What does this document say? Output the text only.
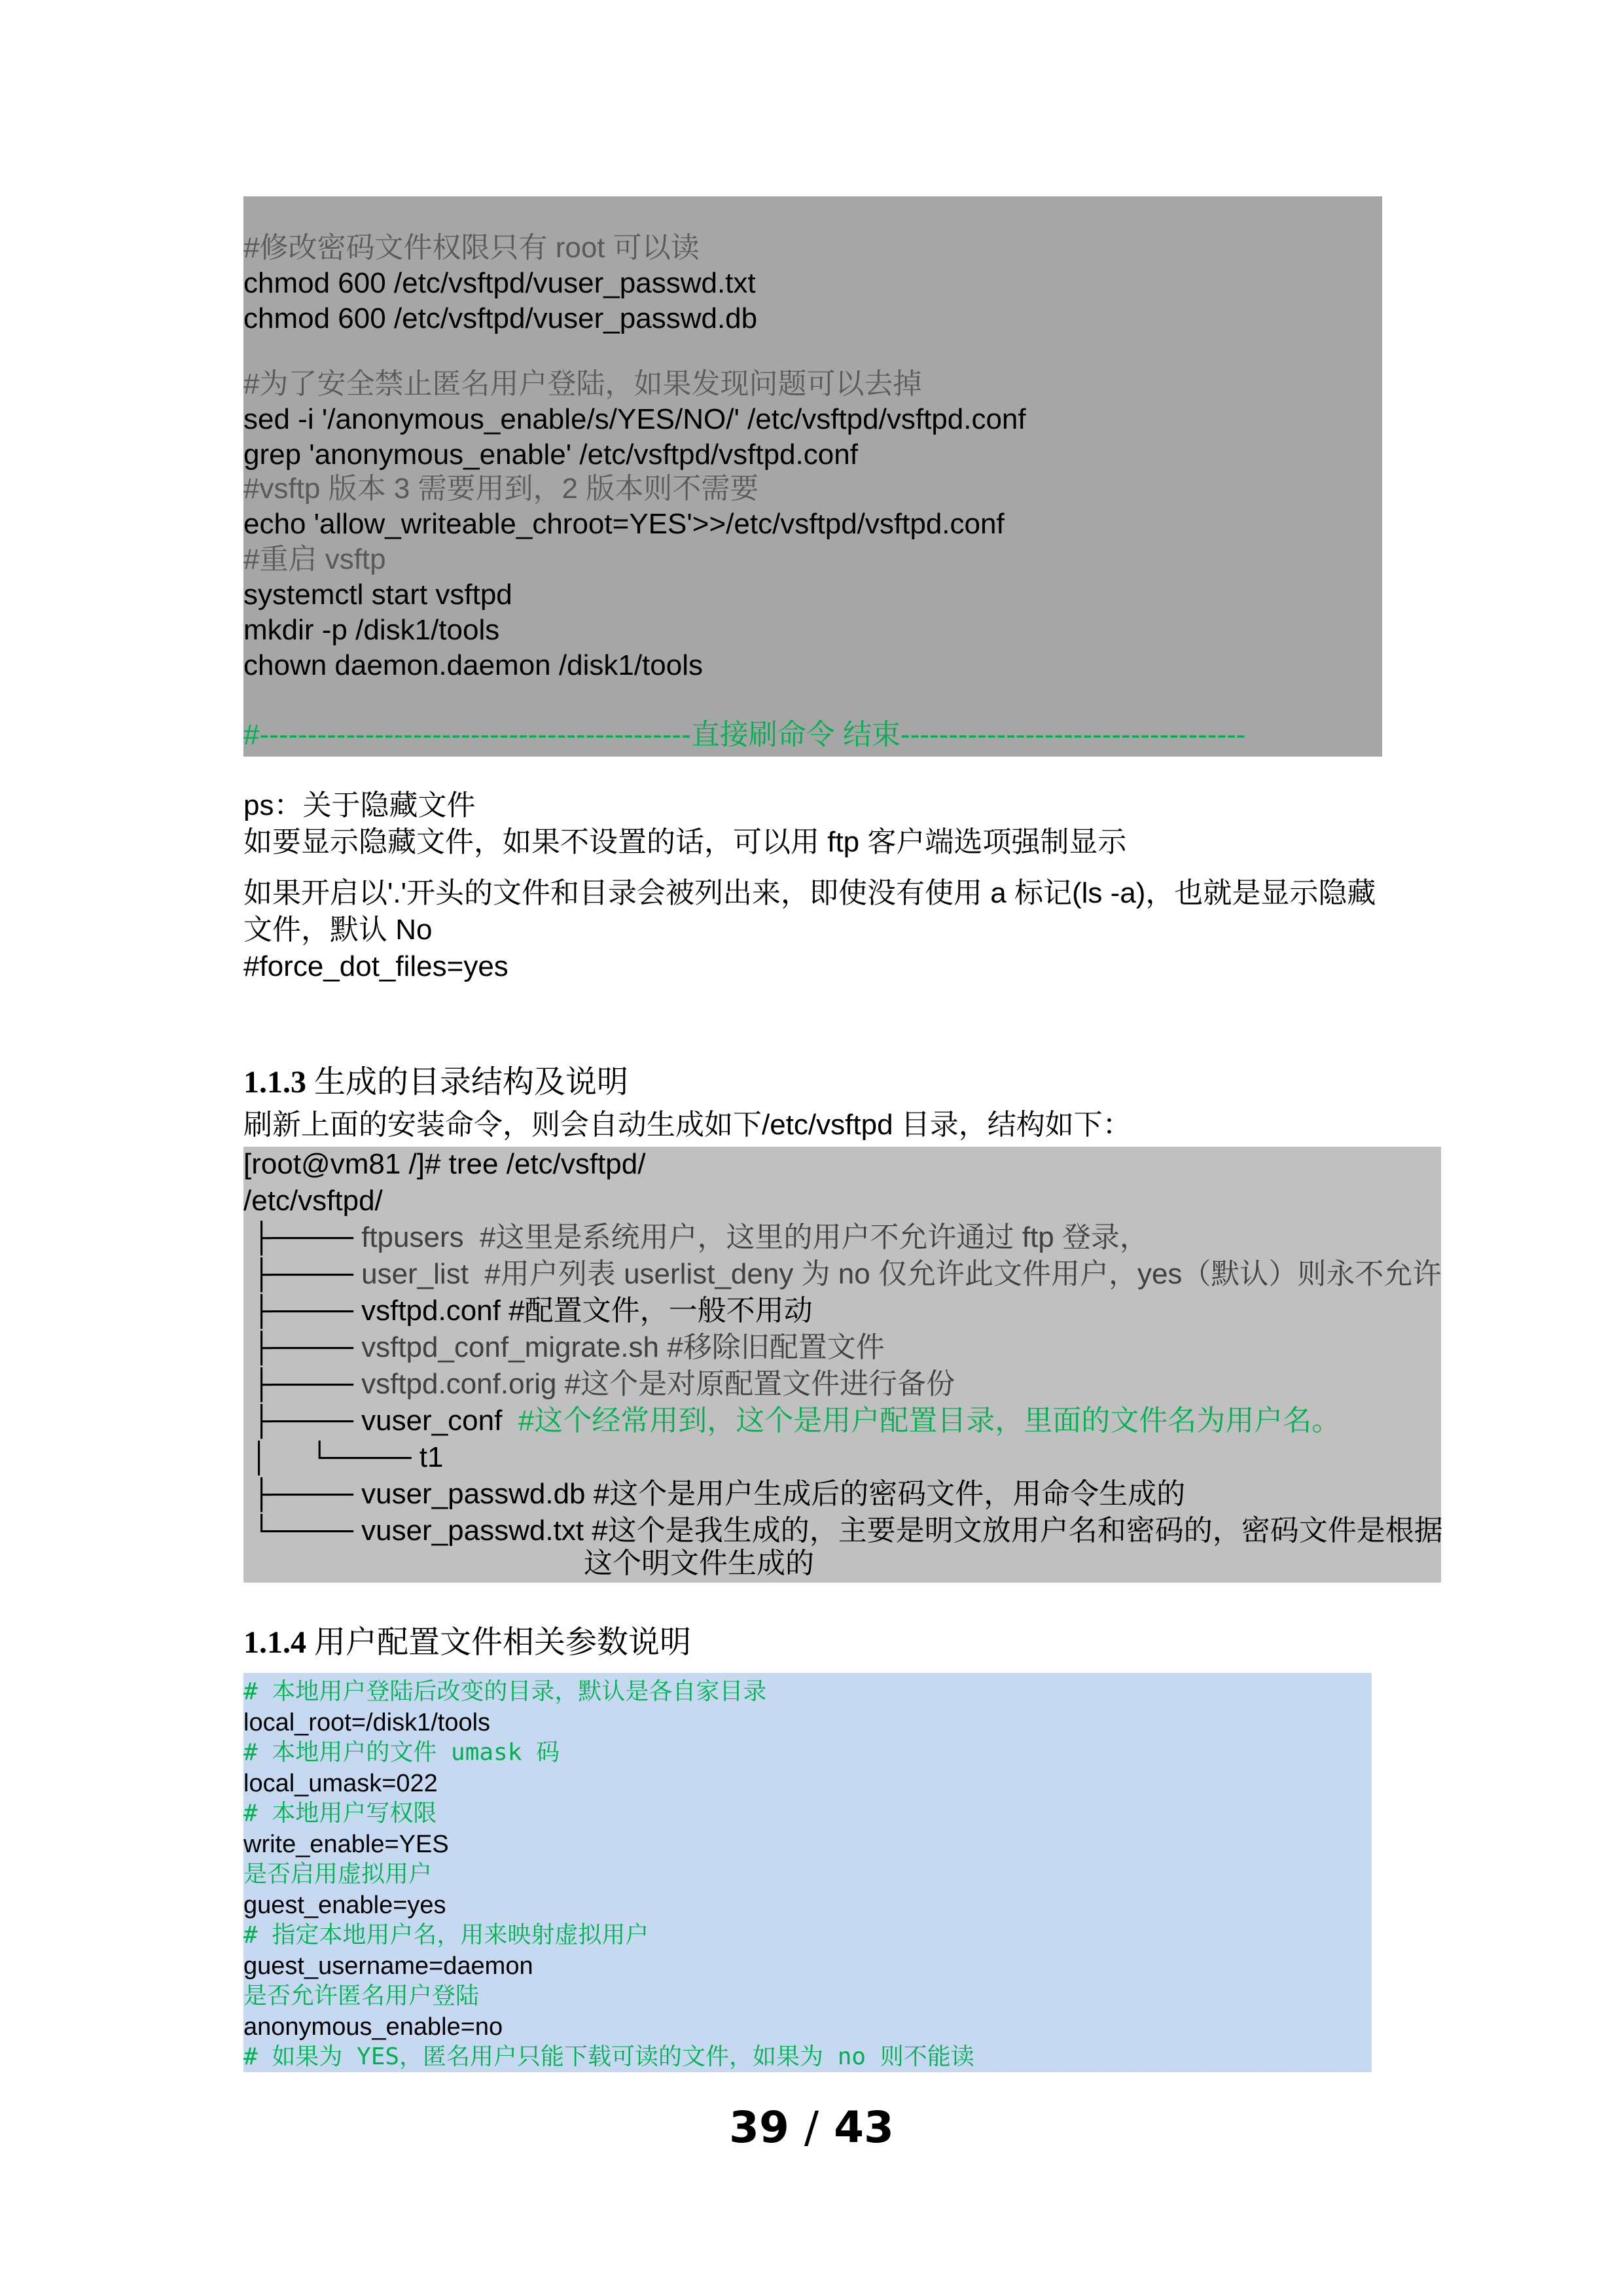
#修改密码文件权限只有 root 可以读
chmod 600 /etc/vsftpd/vuser_passwd.txt
chmod 600 /etc/vsftpd/vuser_passwd.db
#为了安全禁止匿名用户登陆，如果发现问题可以去掉
sed -i '/anonymous_enable/s/YES/NO/' /etc/vsftpd/vsftpd.conf
grep 'anonymous_enable' /etc/vsftpd/vsftpd.conf
#vsftp 版本 3 需要用到，2 版本则不需要
echo 'allow_writeable_chroot=YES'>>/etc/vsftpd/vsftpd.conf
#重启 vsftp
systemctl start vsftpd
mkdir -p /disk1/tools
chown daemon.daemon /disk1/tools
#---------------------------------------------直接刷命令 结束------------------------------------
ps：关于隐藏文件
如要显示隐藏文件，如果不设置的话，可以用 ftp 客户端选项强制显示
如果开启以'.'开头的文件和目录会被列出来，即使没有使用 a 标记(ls -a)，也就是显示隐藏
文件，默认 No
#force_dot_files=yes
1.1.3 生成的目录结构及说明
刷新上面的安装命令，则会自动生成如下/etc/vsftpd 目录，结构如下：
[root@vm81 /]# tree /etc/vsftpd/
/etc/vsftpd/
├──── ftpusers  #这里是系统用户，这里的用户不允许通过 ftp 登录，
├──── user_list  #用户列表 userlist_deny 为 no 仅允许此文件用户，yes（默认）则永不允许
├──── vsftpd.conf #配置文件，一般不用动
├──── vsftpd_conf_migrate.sh #移除旧配置文件
├──── vsftpd.conf.orig #这个是对原配置文件进行备份
├──── vuser_conf  #这个经常用到，这个是用户配置目录，里面的文件名为用户名。
│     └──── t1
├──── vuser_passwd.db #这个是用户生成后的密码文件，用命令生成的
└──── vuser_passwd.txt #这个是我生成的，主要是明文放用户名和密码的，密码文件是根据
这个明文件生成的
1.1.4 用户配置文件相关参数说明
# 本地用户登陆后改变的目录，默认是各自家目录
local_root=/disk1/tools
# 本地用户的文件 umask 码
local_umask=022
# 本地用户写权限
write_enable=YES
是否启用虚拟用户
guest_enable=yes
# 指定本地用户名，用来映射虚拟用户
guest_username=daemon
是否允许匿名用户登陆
anonymous_enable=no
# 如果为 YES，匿名用户只能下载可读的文件，如果为 no 则不能读
39 / 43
